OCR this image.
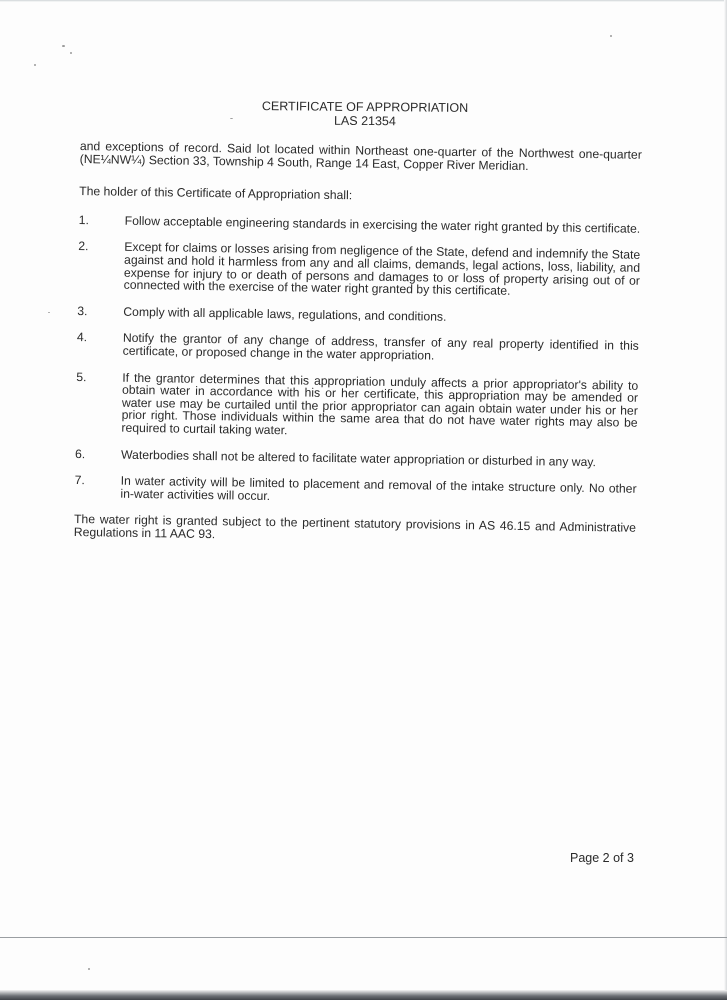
CERTIFICATE OF APPROPRIATION
LAS 21354

and exceptions of record. Said lot located within Northeast one-quarter of the Northwest one-quarter (NE¼NW¼) Section 33, Township 4 South, Range 14 East, Copper River Meridian.

The holder of this Certificate of Appropriation shall:

1.	Follow acceptable engineering standards in exercising the water right granted by this certificate.
2.	Except for claims or losses arising from negligence of the State, defend and indemnify the State against and hold it harmless from any and all claims, demands, legal actions, loss, liability, and expense for injury to or death of persons and damages to or loss of property arising out of or connected with the exercise of the water right granted by this certificate.
3.	Comply with all applicable laws, regulations, and conditions.
4.	Notify the grantor of any change of address, transfer of any real property identified in this certificate, or proposed change in the water appropriation.
5.	If the grantor determines that this appropriation unduly affects a prior appropriator's ability to obtain water in accordance with his or her certificate, this appropriation may be amended or water use may be curtailed until the prior appropriator can again obtain water under his or her prior right. Those individuals within the same area that do not have water rights may also be required to curtail taking water.
6.	Waterbodies shall not be altered to facilitate water appropriation or disturbed in any way.
7.	In water activity will be limited to placement and removal of the intake structure only. No other in-water activities will occur.

The water right is granted subject to the pertinent statutory provisions in AS 46.15 and Administrative Regulations in 11 AAC 93.

Page 2 of 3
